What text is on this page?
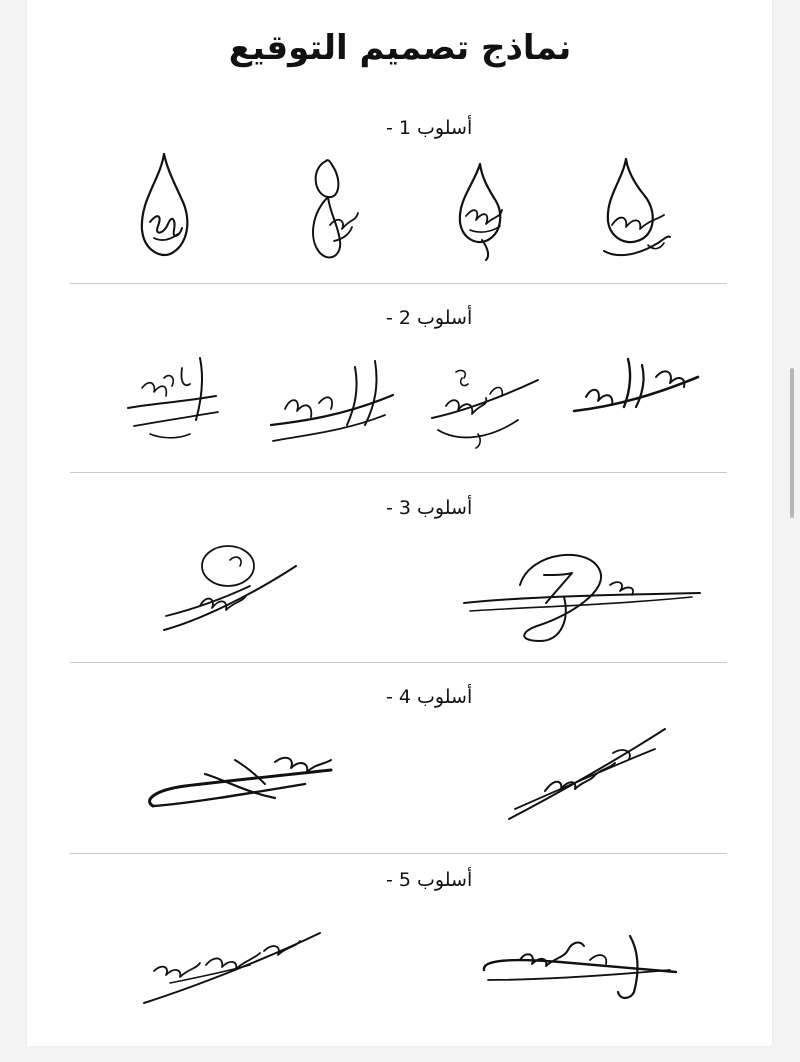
نماذج تصميم التوقيع
أسلوب 1 -
أسلوب 2 -
أسلوب 3 -
أسلوب 4 -
أسلوب 5 -
